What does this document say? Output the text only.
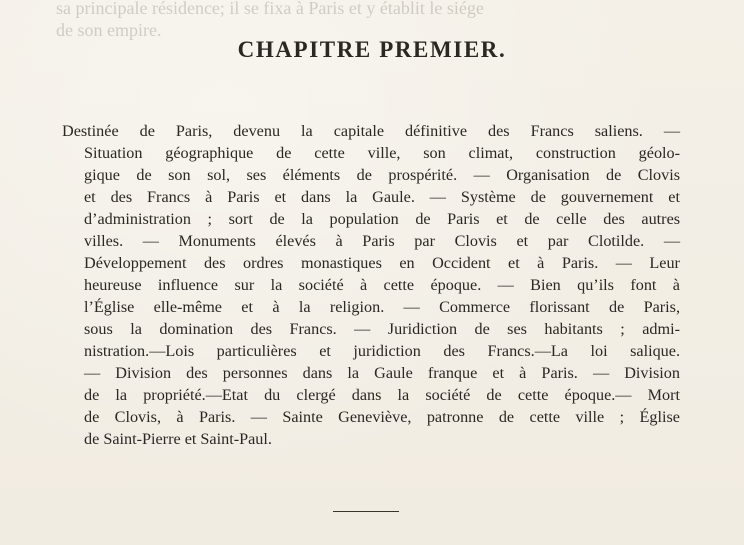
sa principale résidence; il se fixa à Paris et y établit le siége
de son empire.
CHAPITRE PREMIER.

Destinée de Paris, devenu la capitale définitive des Francs saliens. —
Situation géographique de cette ville, son climat, construction géolo-
gique de son sol, ses éléments de prospérité. — Organisation de Clovis
et des Francs à Paris et dans la Gaule. — Système de gouvernement et
d’administration ; sort de la population de Paris et de celle des autres
villes. — Monuments élevés à Paris par Clovis et par Clotilde. —
Développement des ordres monastiques en Occident et à Paris. — Leur
heureuse influence sur la société à cette époque. — Bien qu’ils font à
l’Église elle-même et à la religion. — Commerce florissant de Paris,
sous la domination des Francs. — Juridiction de ses habitants ; admi-
nistration.—Lois particulières et juridiction des Francs.—La loi salique.
— Division des personnes dans la Gaule franque et à Paris. — Division
de la propriété.—Etat du clergé dans la société de cette époque.— Mort
de Clovis, à Paris. — Sainte Geneviève, patronne de cette ville ; Église
de Saint-Pierre et Saint-Paul.
